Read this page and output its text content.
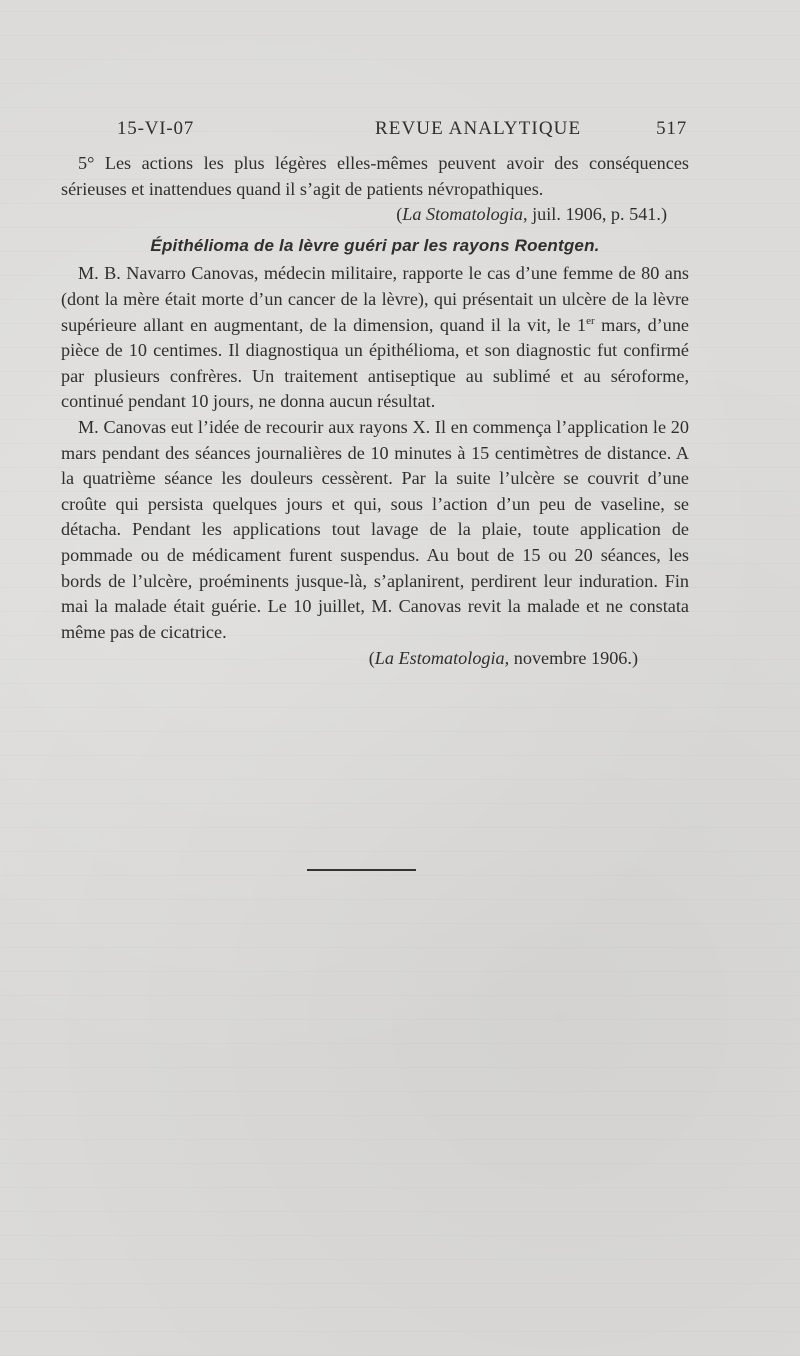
15-VI-07	REVUE ANALYTIQUE	517

5° Les actions les plus légères elles-mêmes peuvent avoir des conséquences sérieuses et inattendues quand il s’agit de patients névropathiques.

(La Stomatologia, juil. 1906, p. 541.)

Épithélioma de la lèvre guéri par les rayons Roentgen.

M. B. Navarro Canovas, médecin militaire, rapporte le cas d’une femme de 80 ans (dont la mère était morte d’un cancer de la lèvre), qui présentait un ulcère de la lèvre supérieure allant en augmentant, de la dimension, quand il la vit, le 1er mars, d’une pièce de 10 centimes. Il diagnostiqua un épithélioma, et son diagnostic fut confirmé par plusieurs confrères. Un traitement antiseptique au sublimé et au séroforme, continué pendant 10 jours, ne donna aucun résultat.

M. Canovas eut l’idée de recourir aux rayons X. Il en commença l’application le 20 mars pendant des séances journalières de 10 minutes à 15 centimètres de distance. A la quatrième séance les douleurs cessèrent. Par la suite l’ulcère se couvrit d’une croûte qui persista quelques jours et qui, sous l’action d’un peu de vaseline, se détacha. Pendant les applications tout lavage de la plaie, toute application de pommade ou de médicament furent suspendus. Au bout de 15 ou 20 séances, les bords de l’ulcère, proéminents jusque-là, s’aplanirent, perdirent leur induration. Fin mai la malade était guérie. Le 10 juillet, M. Canovas revit la malade et ne constata même pas de cicatrice.

(La Estomatologia, novembre 1906.)
